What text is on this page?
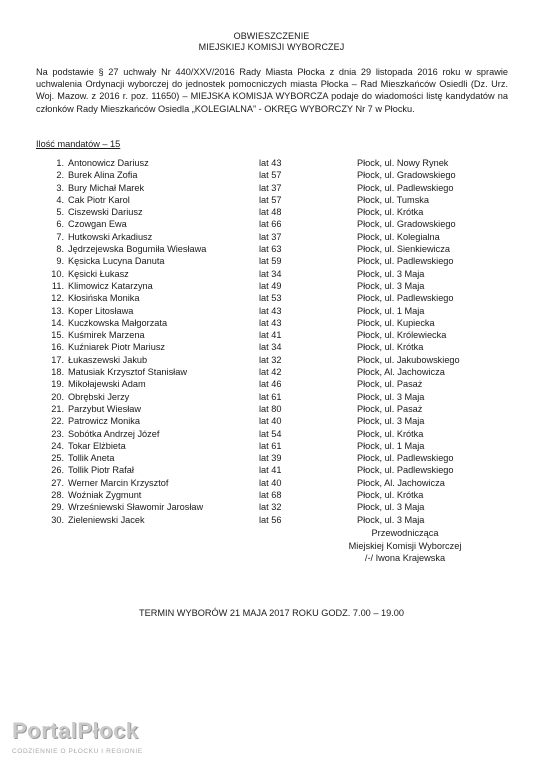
OBWIESZCZENIE
MIEJSKIEJ KOMISJI WYBORCZEJ
Na podstawie § 27 uchwały Nr 440/XXV/2016 Rady Miasta Płocka z dnia 29 listopada 2016 roku w sprawie uchwalenia Ordynacji wyborczej do jednostek pomocniczych miasta Płocka – Rad Mieszkańców Osiedli (Dz. Urz. Woj. Mazow. z 2016 r. poz. 11650) – MIEJSKA KOMISJA WYBORCZA podaje do wiadomości listę kandydatów na członków Rady Mieszkańców Osiedla „KOLEGIALNA” - OKRĘG WYBORCZY Nr 7 w Płocku.
Ilość mandatów – 15
1. Antonowicz Dariusz	lat 43	Płock, ul. Nowy Rynek
2. Burek Alina Zofia	lat 57	Płock, ul. Gradowskiego
3. Bury Michał Marek	lat 37	Płock, ul. Padlewskiego
4. Cak Piotr Karol	lat 57	Płock, ul. Tumska
5. Ciszewski Dariusz	lat 48	Płock, ul. Krótka
6. Czowgan Ewa	lat 66	Płock, ul. Gradowskiego
7. Hutkowski Arkadiusz	lat 37	Płock, ul. Kolegialna
8. Jędrzejewska Bogumiła Wiesława	lat 63	Płock, ul. Sienkiewicza
9. Kęsicka Lucyna Danuta	lat 59	Płock, ul. Padlewskiego
10. Kęsicki Łukasz	lat 34	Płock, ul. 3 Maja
11. Klimowicz Katarzyna	lat 49	Płock, ul. 3 Maja
12. Kłosińska Monika	lat 53	Płock, ul. Padlewskiego
13. Koper Litosława	lat 43	Płock, ul. 1 Maja
14. Kuczkowska Małgorzata	lat 43	Płock, ul. Kupiecka
15. Kuśmirek Marzena	lat 41	Płock, ul. Królewiecka
16. Kuźniarek Piotr Mariusz	lat 34	Płock, ul. Krótka
17. Łukaszewski Jakub	lat 32	Płock, ul. Jakubowskiego
18. Matusiak Krzysztof Stanisław	lat 42	Płock, Al. Jachowicza
19. Mikołajewski Adam	lat 46	Płock, ul. Pasaż
20. Obrębski Jerzy	lat 61	Płock, ul. 3 Maja
21. Parzybut Wiesław	lat 80	Płock, ul. Pasaż
22. Patrowicz Monika	lat 40	Płock, ul. 3 Maja
23. Sobótka Andrzej Józef	lat 54	Płock, ul. Krótka
24. Tokar Elżbieta	lat 61	Płock, ul. 1 Maja
25. Tollik Aneta	lat 39	Płock, ul. Padlewskiego
26. Tollik Piotr Rafał	lat 41	Płock, ul. Padlewskiego
27. Werner Marcin Krzysztof	lat 40	Płock, Al. Jachowicza
28. Woźniak Zygmunt	lat 68	Płock, ul. Krótka
29. Wrześniewski Sławomir Jarosław	lat 32	Płock, ul. 3 Maja
30. Zieleniewski Jacek	lat 56	Płock, ul. 3 Maja
Przewodnicząca
Miejskiej Komisji Wyborczej
/-/ Iwona Krajewska
TERMIN WYBORÓW 21 MAJA 2017 ROKU GODZ. 7.00 – 19.00
PortalPłock
CODZIENNIE O PŁOCKU I REGIONIE
